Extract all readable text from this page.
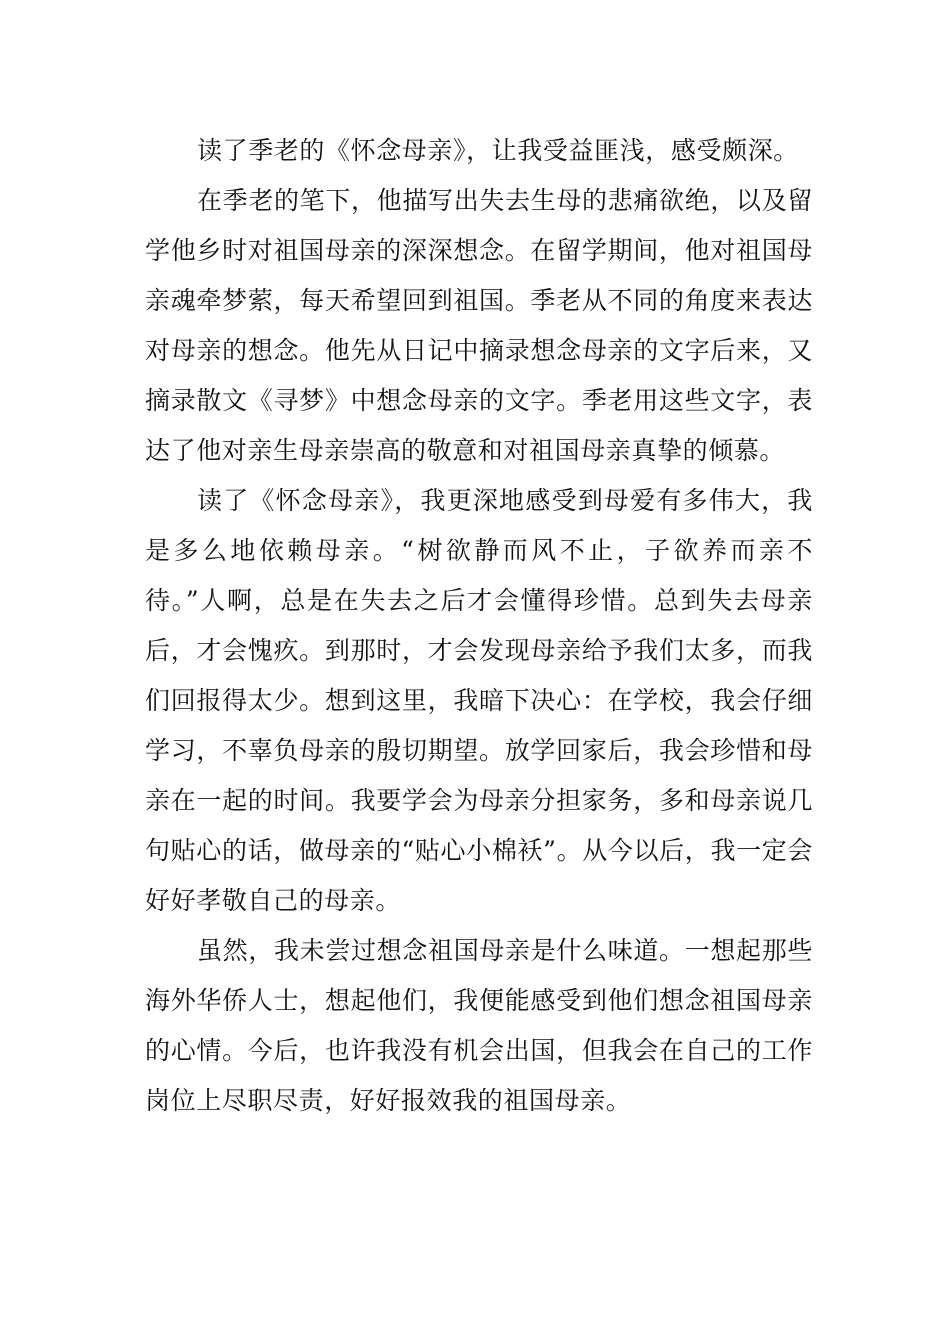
读了季老的《怀念母亲》，让我受益匪浅，感受颇深。

在季老的笔下，他描写出失去生母的悲痛欲绝，以及留学他乡时对祖国母亲的深深想念。在留学期间，他对祖国母亲魂牵梦萦，每天希望回到祖国。季老从不同的角度来表达对母亲的想念。他先从日记中摘录想念母亲的文字后来，又摘录散文《寻梦》中想念母亲的文字。季老用这些文字，表达了他对亲生母亲崇高的敬意和对祖国母亲真挚的倾慕。

读了《怀念母亲》，我更深地感受到母爱有多伟大，我是多么地依赖母亲。“树欲静而风不止，子欲养而亲不待。”人啊，总是在失去之后才会懂得珍惜。总到失去母亲后，才会愧疚。到那时，才会发现母亲给予我们太多，而我们回报得太少。想到这里，我暗下决心：在学校，我会仔细学习，不辜负母亲的殷切期望。放学回家后，我会珍惜和母亲在一起的时间。我要学会为母亲分担家务，多和母亲说几句贴心的话，做母亲的“贴心小棉袄”。从今以后，我一定会好好孝敬自己的母亲。

虽然，我未尝过想念祖国母亲是什么味道。一想起那些海外华侨人士，想起他们，我便能感受到他们想念祖国母亲的心情。今后，也许我没有机会出国，但我会在自己的工作岗位上尽职尽责，好好报效我的祖国母亲。
